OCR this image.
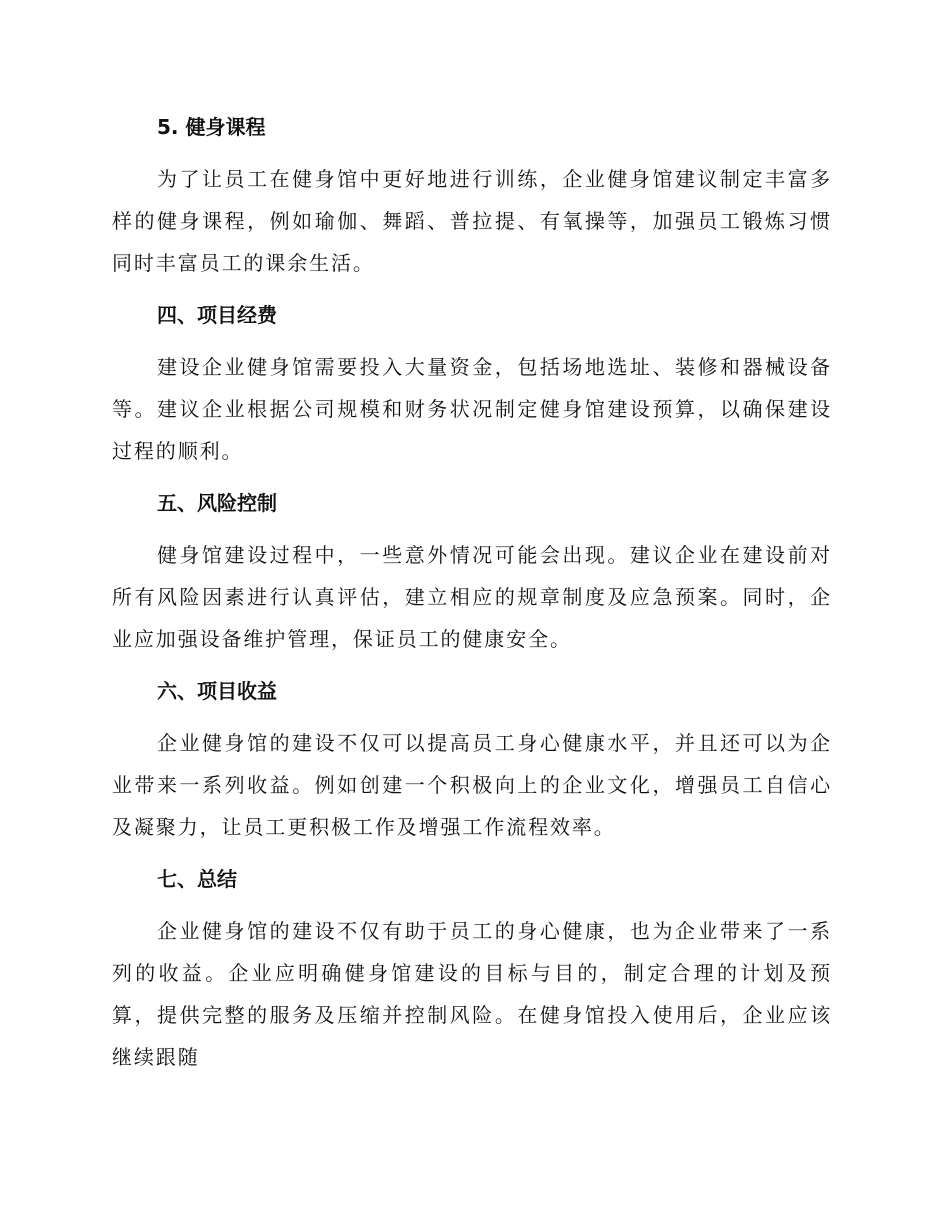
5. 健身课程

为了让员工在健身馆中更好地进行训练，企业健身馆建议制定丰富多样的健身课程，例如瑜伽、舞蹈、普拉提、有氧操等，加强员工锻炼习惯同时丰富员工的课余生活。

四、项目经费

建设企业健身馆需要投入大量资金，包括场地选址、装修和器械设备等。建议企业根据公司规模和财务状况制定健身馆建设预算，以确保建设过程的顺利。

五、风险控制

健身馆建设过程中，一些意外情况可能会出现。建议企业在建设前对所有风险因素进行认真评估，建立相应的规章制度及应急预案。同时，企业应加强设备维护管理，保证员工的健康安全。

六、项目收益

企业健身馆的建设不仅可以提高员工身心健康水平，并且还可以为企业带来一系列收益。例如创建一个积极向上的企业文化，增强员工自信心及凝聚力，让员工更积极工作及增强工作流程效率。

七、总结

企业健身馆的建设不仅有助于员工的身心健康，也为企业带来了一系列的收益。企业应明确健身馆建设的目标与目的，制定合理的计划及预算，提供完整的服务及压缩并控制风险。在健身馆投入使用后，企业应该继续跟随
